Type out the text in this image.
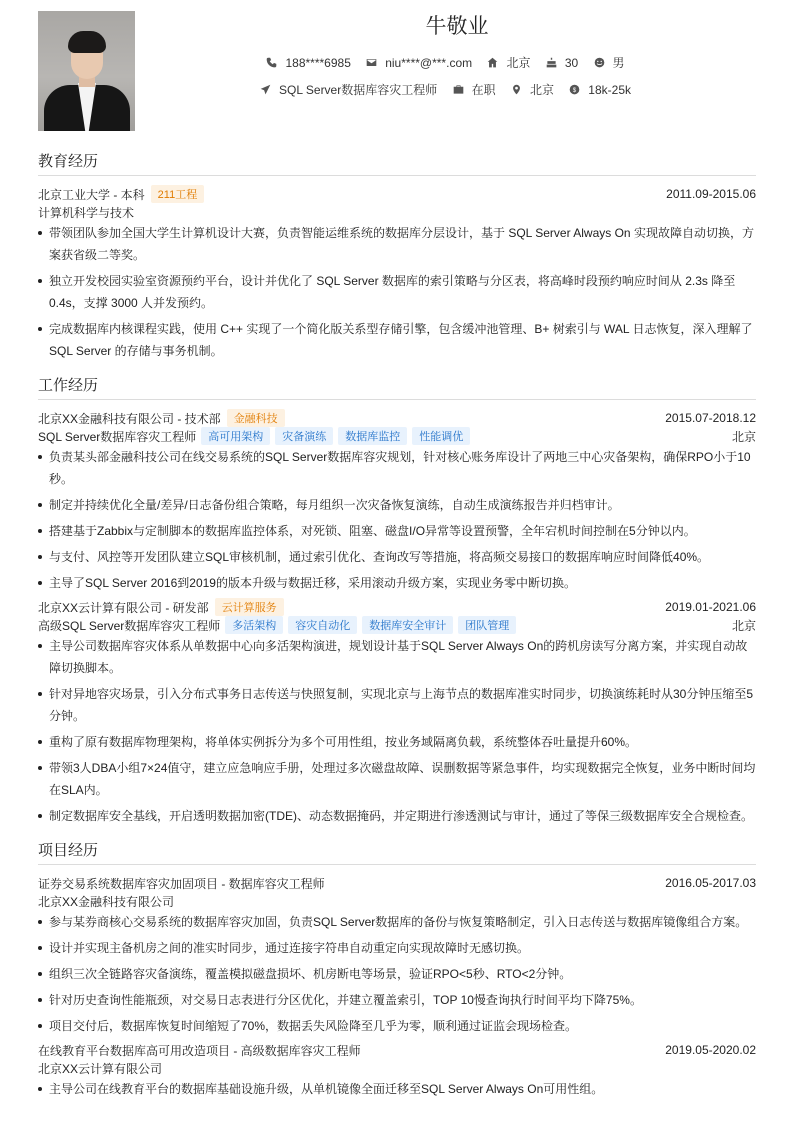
牛敬业
188****6985
	niu****@***.com
	北京
	30
	男
SQL Server数据库容灾工程师
	在职
	北京
$ 18k-25k
教育经历
北京工业大学 - 本科	211工程	2011.09-2015.06
计算机科学与技术
带领团队参加全国大学生计算机设计大赛，负责智能运维系统的数据库分层设计，基于 SQL Server Always On 实现故障自动切换，方案获省级二等奖。
独立开发校园实验室资源预约平台，设计并优化了 SQL Server 数据库的索引策略与分区表，将高峰时段预约响应时间从 2.3s 降至 0.4s，支撑 3000 人并发预约。
完成数据库内核课程实践，使用 C++ 实现了一个简化版关系型存储引擎，包含缓冲池管理、B+ 树索引与 WAL 日志恢复，深入理解了 SQL Server 的存储与事务机制。
工作经历
北京XX金融科技有限公司 - 技术部	金融科技	2015.07-2018.12
SQL Server数据库容灾工程师	高可用架构	灾备演练	数据库监控	性能调优	北京
负责某头部金融科技公司在线交易系统的SQL Server数据库容灾规划，针对核心账务库设计了两地三中心灾备架构，确保RPO小于10秒。
制定并持续优化全量/差异/日志备份组合策略，每月组织一次灾备恢复演练，自动生成演练报告并归档审计。
搭建基于Zabbix与定制脚本的数据库监控体系，对死锁、阻塞、磁盘I/O异常等设置预警，全年宕机时间控制在5分钟以内。
与支付、风控等开发团队建立SQL审核机制，通过索引优化、查询改写等措施，将高频交易接口的数据库响应时间降低40%。
主导了SQL Server 2016到2019的版本升级与数据迁移，采用滚动升级方案，实现业务零中断切换。
北京XX云计算有限公司 - 研发部	云计算服务	2019.01-2021.06
高级SQL Server数据库容灾工程师	多活架构	容灾自动化	数据库安全审计	团队管理	北京
主导公司数据库容灾体系从单数据中心向多活架构演进，规划设计基于SQL Server Always On的跨机房读写分离方案，并实现自动故障切换脚本。
针对异地容灾场景，引入分布式事务日志传送与快照复制，实现北京与上海节点的数据库准实时同步，切换演练耗时从30分钟压缩至5分钟。
重构了原有数据库物理架构，将单体实例拆分为多个可用性组，按业务域隔离负载，系统整体吞吐量提升60%。
带领3人DBA小组7×24值守，建立应急响应手册，处理过多次磁盘故障、误删数据等紧急事件，均实现数据完全恢复，业务中断时间均在SLA内。
制定数据库安全基线，开启透明数据加密(TDE)、动态数据掩码，并定期进行渗透测试与审计，通过了等保三级数据库安全合规检查。
项目经历
证券交易系统数据库容灾加固项目 - 数据库容灾工程师	2016.05-2017.03
北京XX金融科技有限公司
参与某券商核心交易系统的数据库容灾加固，负责SQL Server数据库的备份与恢复策略制定，引入日志传送与数据库镜像组合方案。
设计并实现主备机房之间的准实时同步，通过连接字符串自动重定向实现故障时无感切换。
组织三次全链路容灾备演练，覆盖模拟磁盘损坏、机房断电等场景，验证RPO<5秒、RTO<2分钟。
针对历史查询性能瓶颈，对交易日志表进行分区优化，并建立覆盖索引，TOP 10慢查询执行时间平均下降75%。
项目交付后，数据库恢复时间缩短了70%，数据丢失风险降至几乎为零，顺利通过证监会现场检查。
在线教育平台数据库高可用改造项目 - 高级数据库容灾工程师	2019.05-2020.02
北京XX云计算有限公司
主导公司在线教育平台的数据库基础设施升级，从单机镜像全面迁移至SQL Server Always On可用性组。
